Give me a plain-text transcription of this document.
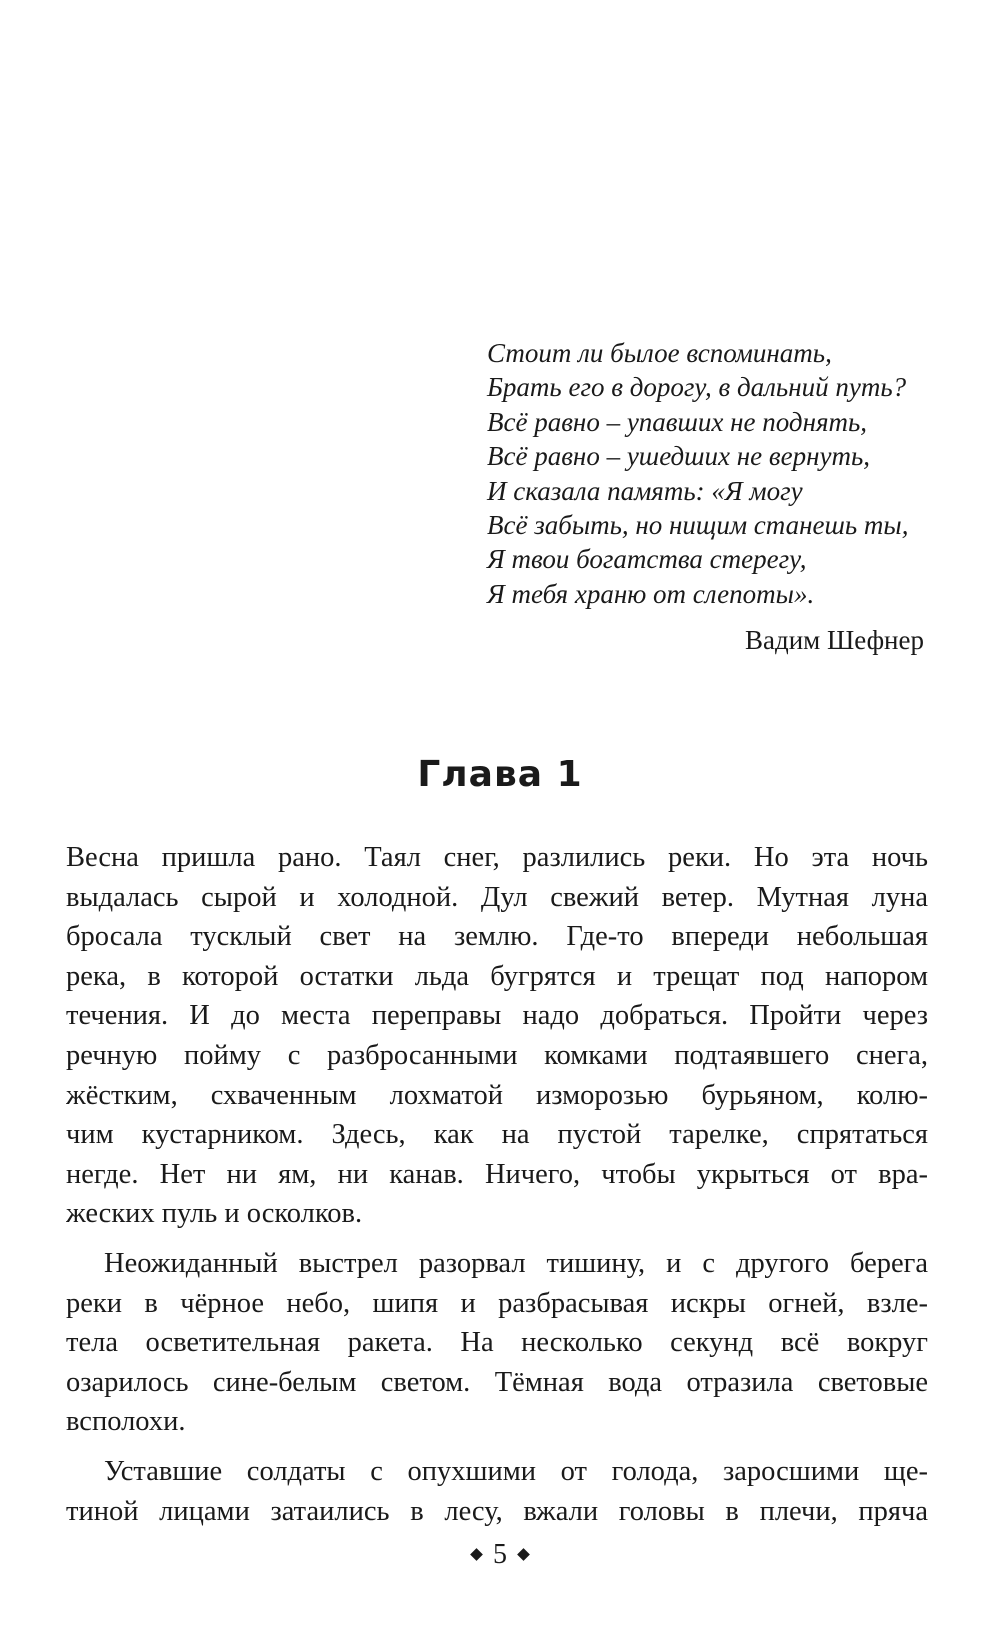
Стоит ли былое вспоминать,
Брать его в дорогу, в дальний путь?
Всё равно – упавших не поднять,
Всё равно – ушедших не вернуть,
И сказала память: «Я могу
Всё забыть, но нищим станешь ты,
Я твои богатства стерегу,
Я тебя храню от слепоты».
Вадим Шефнер
Глава 1

Весна пришла рано. Таял снег, разлились реки. Но эта ночь
выдалась сырой и холодной. Дул свежий ветер. Мутная луна
бросала тусклый свет на землю. Где-то впереди небольшая
река, в которой остатки льда бугрятся и трещат под напором
течения. И до места переправы надо добраться. Пройти через
речную пойму с разбросанными комками подтаявшего снега,
жёстким, схваченным лохматой изморозью бурьяном, колю-
чим кустарником. Здесь, как на пустой тарелке, спрятаться
негде. Нет ни ям, ни канав. Ничего, чтобы укрыться от вра-
жеских пуль и осколков.

Неожиданный выстрел разорвал тишину, и с другого берега
реки в чёрное небо, шипя и разбрасывая искры огней, взле-
тела осветительная ракета. На несколько секунд всё вокруг
озарилось сине-белым светом. Тёмная вода отразила световые
всполохи.

Уставшие солдаты с опухшими от голода, заросшими ще-
тиной лицами затаились в лесу, вжали головы в плечи, пряча

5
